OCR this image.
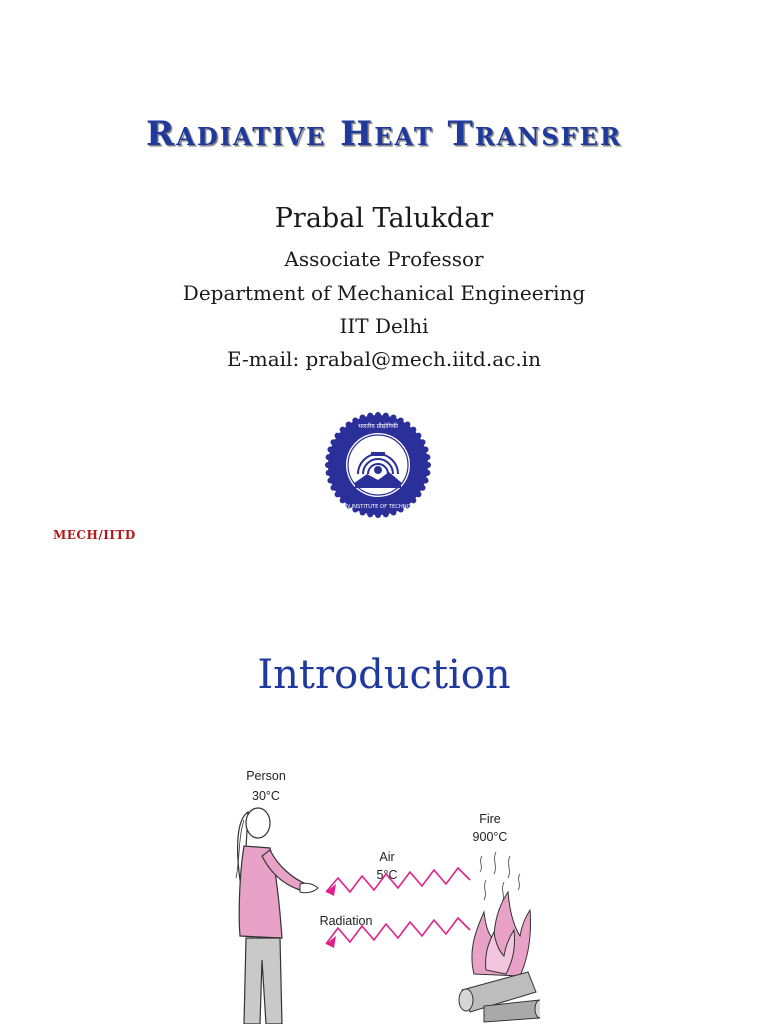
Radiative Heat Transfer
Prabal Talukdar
Associate Professor
Department of Mechanical Engineering
IIT Delhi
E-mail: prabal@mech.iitd.ac.in
भारतीय प्रौद्योगिकी
INDIAN INSTITUTE OF TECHNOLOGY
MECH/IITD
Introduction
Person
30°C
Fire
900°C
Air
5°C
Radiation
